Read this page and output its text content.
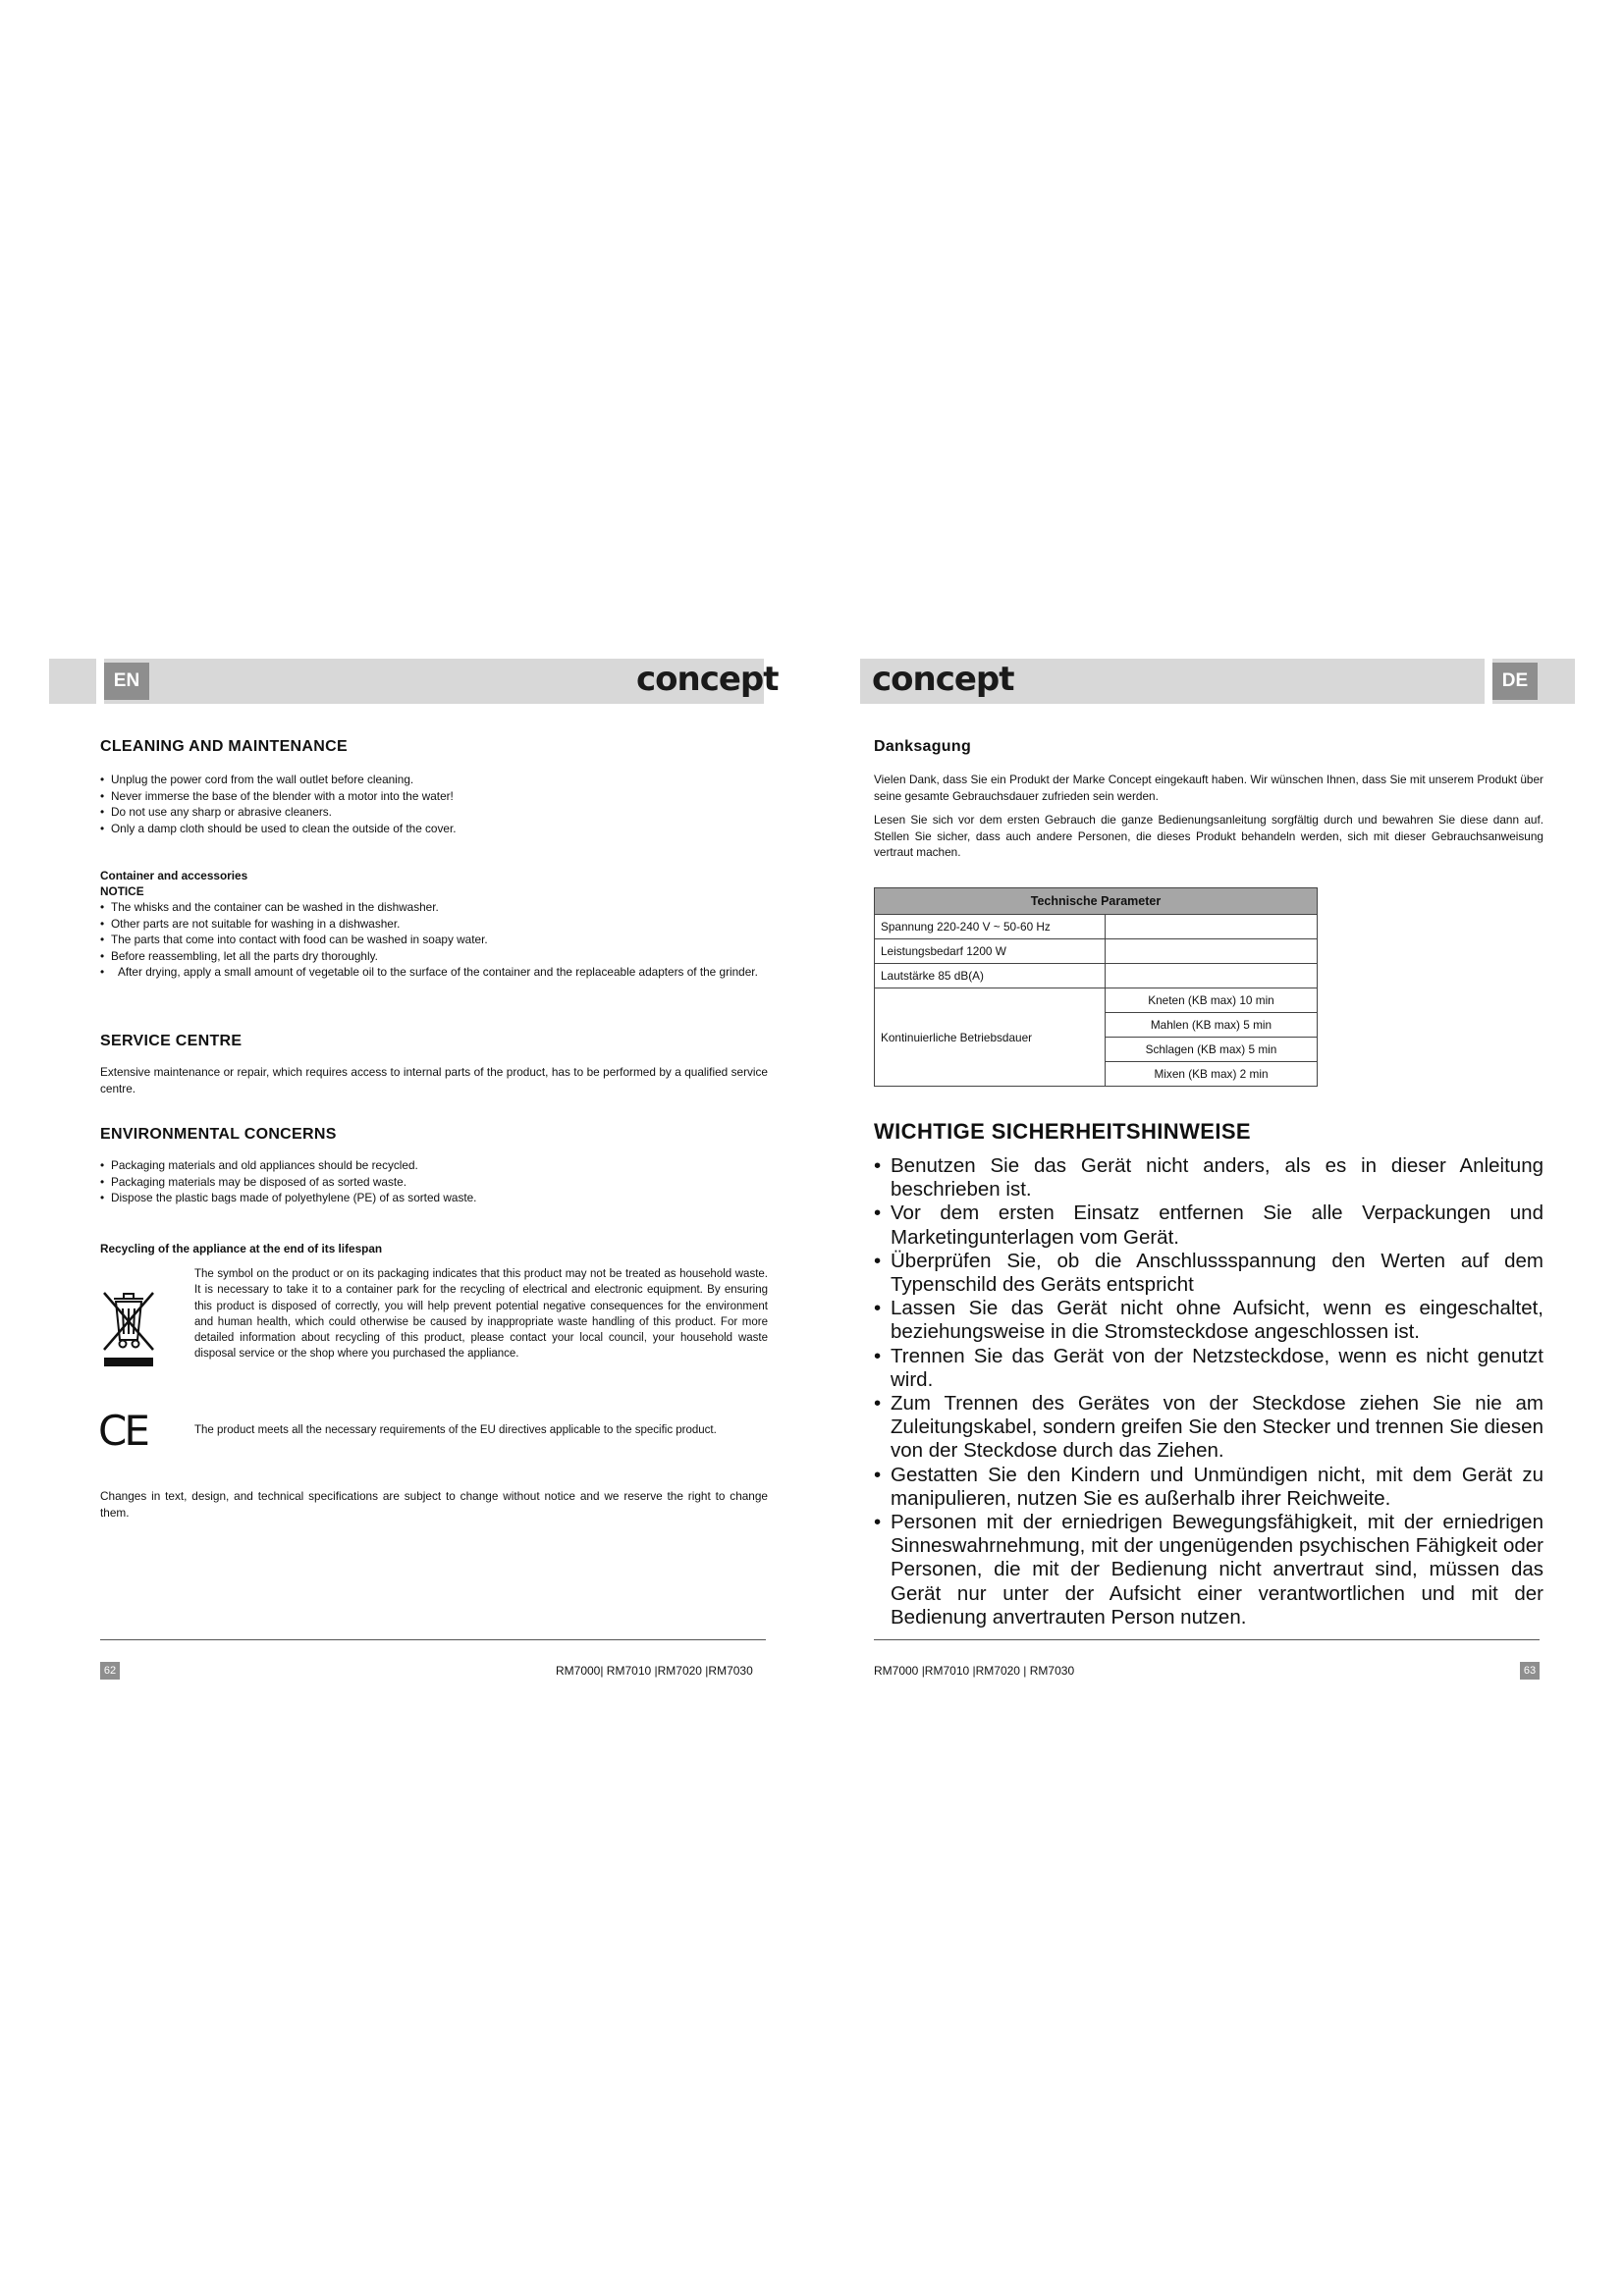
EN	DE
concept	concept
CLEANING AND MAINTENANCE
• Unplug the power cord from the wall outlet before cleaning.
• Never immerse the base of the blender with a motor into the water!
• Do not use any sharp or abrasive cleaners.
• Only a damp cloth should be used to clean the outside of the cover.
Container and accessories
NOTICE
• The whisks and the container can be washed in the dishwasher.
• Other parts are not suitable for washing in a dishwasher.
• The parts that come into contact with food can be washed in soapy water.
• Before reassembling, let all the parts dry thoroughly.
• After drying, apply a small amount of vegetable oil to the surface of the container and the replaceable adapters of the grinder.
SERVICE CENTRE
Extensive maintenance or repair, which requires access to internal parts of the product, has to be performed by a qualified service centre.
ENVIRONMENTAL CONCERNS
• Packaging materials and old appliances should be recycled.
• Packaging materials may be disposed of as sorted waste.
• Dispose the plastic bags made of polyethylene (PE) of as sorted waste.
Recycling of the appliance at the end of its lifespan
The symbol on the product or on its packaging indicates that this product may not be treated as household waste. It is necessary to take it to a container park for the recycling of electrical and electronic equipment. By ensuring this product is disposed of correctly, you will help prevent potential negative consequences for the environment and human health, which could otherwise be caused by inappropriate waste handling of this product. For more detailed information about recycling of this product, please contact your local council, your household waste disposal service or the shop where you purchased the appliance.
CE	The product meets all the necessary requirements of the EU directives applicable to the specific product.
Changes in text, design, and technical specifications are subject to change without notice and we reserve the right to change them.
62	RM7000| RM7010 |RM7020 |RM7030
Danksagung
Vielen Dank, dass Sie ein Produkt der Marke Concept eingekauft haben. Wir wünschen Ihnen, dass Sie mit unserem Produkt über seine gesamte Gebrauchsdauer zufrieden sein werden.
Lesen Sie sich vor dem ersten Gebrauch die ganze Bedienungsanleitung sorgfältig durch und bewahren Sie diese dann auf. Stellen Sie sicher, dass auch andere Personen, die dieses Produkt behandeln werden, sich mit dieser Gebrauchsanweisung vertraut machen.
Technische Parameter	
Spannung 220-240 V ~ 50-60 Hz	
Leistungsbedarf 1200 W	
Lautstärke 85 dB(A)	
Kontinuierliche Betriebsdauer	Kneten (KB max) 10 min
	Mahlen (KB max) 5 min
	Schlagen (KB max) 5 min
	Mixen (KB max) 2 min
WICHTIGE SICHERHEITSHINWEISE
• Benutzen Sie das Gerät nicht anders, als es in dieser Anleitung beschrieben ist.
• Vor dem ersten Einsatz entfernen Sie alle Verpackungen und Marketingunterlagen vom Gerät.
• Überprüfen Sie, ob die Anschlussspannung den Werten auf dem Typenschild des Geräts entspricht
• Lassen Sie das Gerät nicht ohne Aufsicht, wenn es eingeschaltet, beziehungsweise in die Stromsteckdose angeschlossen ist.
• Trennen Sie das Gerät von der Netzsteckdose, wenn es nicht genutzt wird.
• Zum Trennen des Gerätes von der Steckdose ziehen Sie nie am Zuleitungskabel, sondern greifen Sie den Stecker und trennen Sie diesen von der Steckdose durch das Ziehen.
• Gestatten Sie den Kindern und Unmündigen nicht, mit dem Gerät zu manipulieren, nutzen Sie es außerhalb ihrer Reichweite.
• Personen mit der erniedrigen Bewegungsfähigkeit, mit der erniedrigen Sinneswahrnehmung, mit der ungenügenden psychischen Fähigkeit oder Personen, die mit der Bedienung nicht anvertraut sind, müssen das Gerät nur unter der Aufsicht einer verantwortlichen und mit der Bedienung anvertrauten Person nutzen.
RM7000 |RM7010 |RM7020 | RM7030	63
